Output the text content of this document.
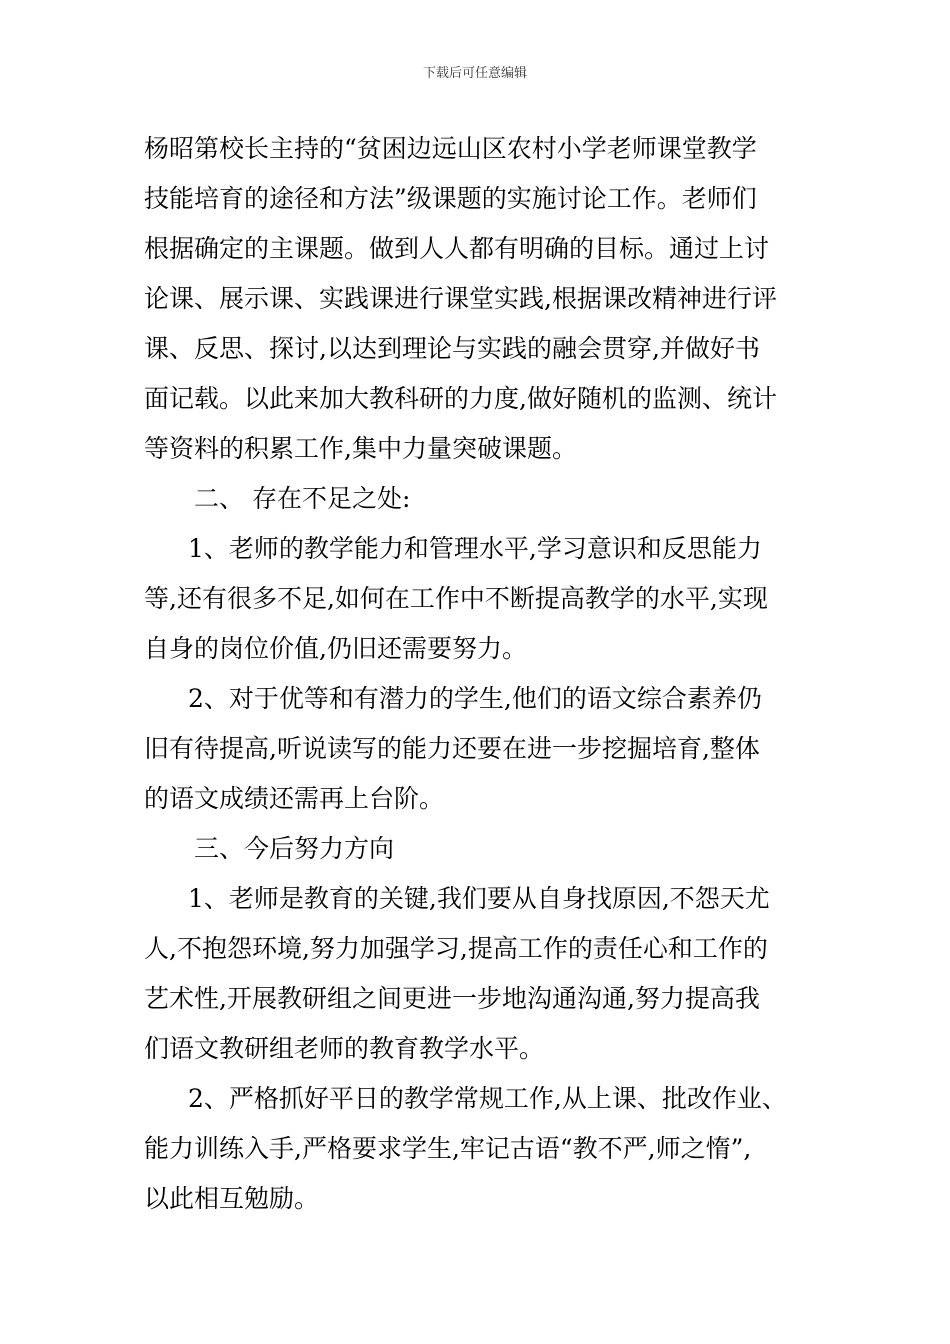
下载后可任意编辑
杨昭第校长主持的“贫困边远山区农村小学老师课堂教学
技能培育的途径和方法”级课题的实施讨论工作。老师们
根据确定的主课题。做到人人都有明确的目标。通过上讨
论课、展示课、实践课进行课堂实践,根据课改精神进行评
课、反思、探讨,以达到理论与实践的融会贯穿,并做好书
面记载。以此来加大教科研的力度,做好随机的监测、统计
等资料的积累工作,集中力量突破课题。
二、 存在不足之处:
1、老师的教学能力和管理水平,学习意识和反思能力
等,还有很多不足,如何在工作中不断提高教学的水平,实现
自身的岗位价值,仍旧还需要努力。
2、对于优等和有潜力的学生,他们的语文综合素养仍
旧有待提高,听说读写的能力还要在进一步挖掘培育,整体
的语文成绩还需再上台阶。
三、今后努力方向
1、老师是教育的关键,我们要从自身找原因,不怨天尤
人,不抱怨环境,努力加强学习,提高工作的责任心和工作的
艺术性,开展教研组之间更进一步地沟通沟通,努力提高我
们语文教研组老师的教育教学水平。
2、严格抓好平日的教学常规工作,从上课、批改作业、
能力训练入手,严格要求学生,牢记古语“教不严,师之惰”,
以此相互勉励。
